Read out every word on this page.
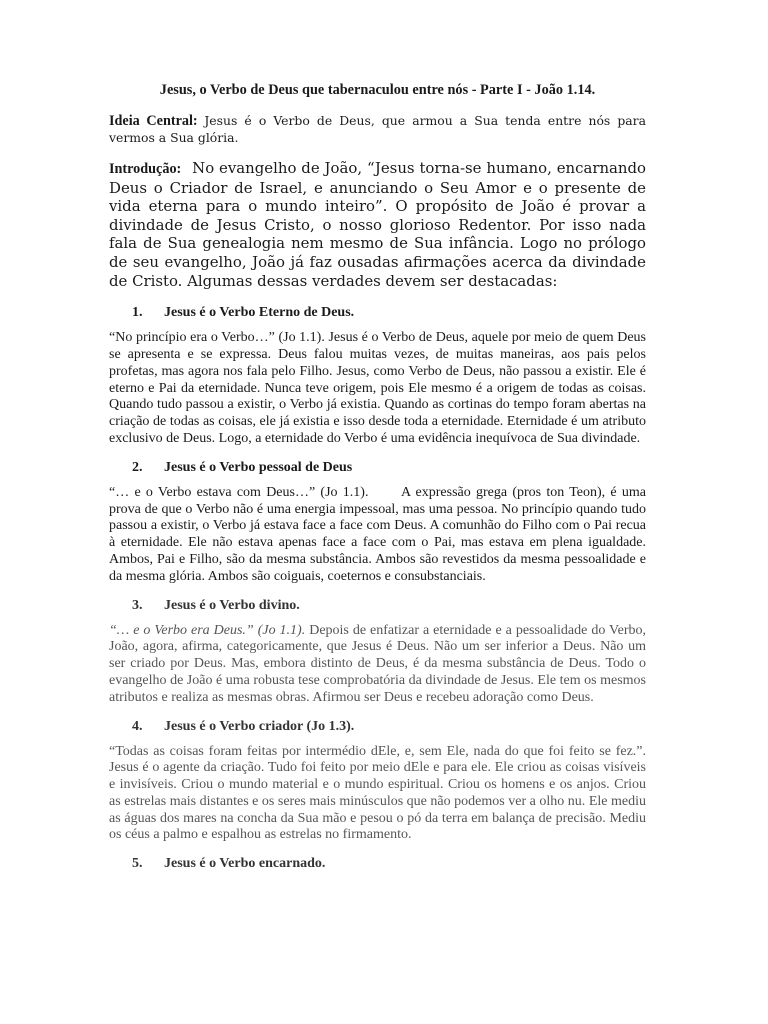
Jesus, o Verbo de Deus que tabernaculou entre nós - Parte I - João 1.14.

Ideia Central: Jesus é o Verbo de Deus, que armou a Sua tenda entre nós para vermos a Sua glória.

Introdução: No evangelho de João, “Jesus torna-se humano, encarnando Deus o Criador de Israel, e anunciando o Seu Amor e o presente de vida eterna para o mundo inteiro”. O propósito de João é provar a divindade de Jesus Cristo, o nosso glorioso Redentor. Por isso nada fala de Sua genealogia nem mesmo de Sua infância. Logo no prólogo de seu evangelho, João já faz ousadas afirmações acerca da divindade de Cristo. Algumas dessas verdades devem ser destacadas:

1.	Jesus é o Verbo Eterno de Deus.

“No princípio era o Verbo…” (Jo 1.1). Jesus é o Verbo de Deus, aquele por meio de quem Deus se apresenta e se expressa. Deus falou muitas vezes, de muitas maneiras, aos pais pelos profetas, mas agora nos fala pelo Filho. Jesus, como Verbo de Deus, não passou a existir. Ele é eterno e Pai da eternidade. Nunca teve origem, pois Ele mesmo é a origem de todas as coisas. Quando tudo passou a existir, o Verbo já existia. Quando as cortinas do tempo foram abertas na criação de todas as coisas, ele já existia e isso desde toda a eternidade. Eternidade é um atributo exclusivo de Deus. Logo, a eternidade do Verbo é uma evidência inequívoca de Sua divindade.

2.	Jesus é o Verbo pessoal de Deus

“… e o Verbo estava com Deus…” (Jo 1.1). A expressão grega (pros ton Teon), é uma prova de que o Verbo não é uma energia impessoal, mas uma pessoa. No princípio quando tudo passou a existir, o Verbo já estava face a face com Deus. A comunhão do Filho com o Pai recua à eternidade. Ele não estava apenas face a face com o Pai, mas estava em plena igualdade. Ambos, Pai e Filho, são da mesma substância. Ambos são revestidos da mesma pessoalidade e da mesma glória. Ambos são coiguais, coeternos e consubstanciais.

3.	Jesus é o Verbo divino.

“… e o Verbo era Deus.” (Jo 1.1). Depois de enfatizar a eternidade e a pessoalidade do Verbo, João, agora, afirma, categoricamente, que Jesus é Deus. Não um ser inferior a Deus. Não um ser criado por Deus. Mas, embora distinto de Deus, é da mesma substância de Deus. Todo o evangelho de João é uma robusta tese comprobatória da divindade de Jesus. Ele tem os mesmos atributos e realiza as mesmas obras. Afirmou ser Deus e recebeu adoração como Deus.

4.	Jesus é o Verbo criador (Jo 1.3).

“Todas as coisas foram feitas por intermédio dEle, e, sem Ele, nada do que foi feito se fez.”. Jesus é o agente da criação. Tudo foi feito por meio dEle e para ele. Ele criou as coisas visíveis e invisíveis. Criou o mundo material e o mundo espiritual. Criou os homens e os anjos. Criou as estrelas mais distantes e os seres mais minúsculos que não podemos ver a olho nu. Ele mediu as águas dos mares na concha da Sua mão e pesou o pó da terra em balança de precisão. Mediu os céus a palmo e espalhou as estrelas no firmamento.

5.	Jesus é o Verbo encarnado.
